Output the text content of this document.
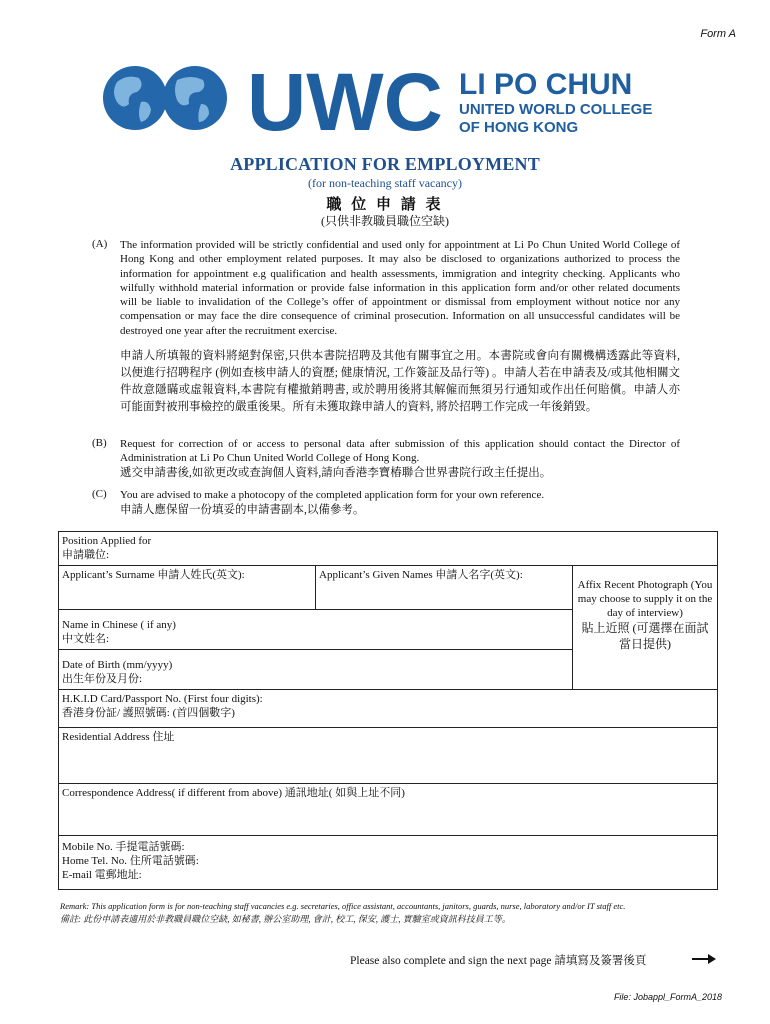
Form A
UWC LI PO CHUN
UNITED WORLD COLLEGE
OF HONG KONG
APPLICATION FOR EMPLOYMENT
(for non-teaching staff vacancy)
職 位 申 請 表
(只供非教職員職位空缺)
(A) The information provided will be strictly confidential and used only for appointment at Li Po Chun United World College of Hong Kong and other employment related purposes. It may also be disclosed to organizations authorized to process the information for appointment e.g qualification and health assessments, immigration and integrity checking. Applicants who wilfully withhold material information or provide false information in this application form and/or other related documents will be liable to invalidation of the College’s offer of appointment or dismissal from employment without notice nor any compensation or may face the dire consequence of criminal prosecution. Information on all unsuccessful candidates will be destroyed one year after the recruitment exercise.
申請人所填報的資料將絕對保密,只供本書院招聘及其他有關事宜之用。本書院或會向有關機構透露此等資料, 以便進行招聘程序 (例如查核申請人的資歷; 健康情況, 工作簽証及品行等) 。申請人若在申請表及/或其他相關文件故意隱瞞或虛報資料,本書院有權撤銷聘書, 或於聘用後將其解僱而無須另行通知或作出任何賠償。申請人亦可能面對被刑事檢控的嚴重後果。所有未獲取錄申請人的資料, 將於招聘工作完成一年後銷毀。
(B) Request for correction of or access to personal data after submission of this application should contact the Director of Administration at Li Po Chun United World College of Hong Kong.
遞交申請書後,如欲更改或查詢個人資料,請向香港李寶椿聯合世界書院行政主任提出。
(C) You are advised to make a photocopy of the completed application form for your own reference.
申請人應保留一份填妥的申請書副本,以備參考。
Position Applied for
申請職位:

Applicant’s Surname 申請人姓氏(英文):	Applicant’s Given Names 申請人名字(英文):

Affix Recent Photograph (You may choose to supply it on the day of interview)
貼上近照 (可選擇在面試當日提供)

Name in Chinese ( if any)
中文姓名:

Date of Birth (mm/yyyy)
出生年份及月份:

H.K.I.D Card/Passport No. (First four digits):
香港身份証/ 護照號碼: (首四個數字)

Residential Address 住址

Correspondence Address( if different from above) 通訊地址( 如與上址不同)

Mobile No. 手提電話號碼:
Home Tel. No. 住所電話號碼:
E-mail 電郵地址:
Remark: This application form is for non-teaching staff vacancies e.g. secretaries, office assistant, accountants, janitors, guards, nurse, laboratory and/or IT staff etc.
備註: 此份申請表適用於非教職員職位空缺, 如秘書, 辦公室助理, 會計, 校工, 保安, 護士, 實驗室或資訊科技員工等。
Please also complete and sign the next page 請填寫及簽署後頁
File: Jobappl_FormA_2018
